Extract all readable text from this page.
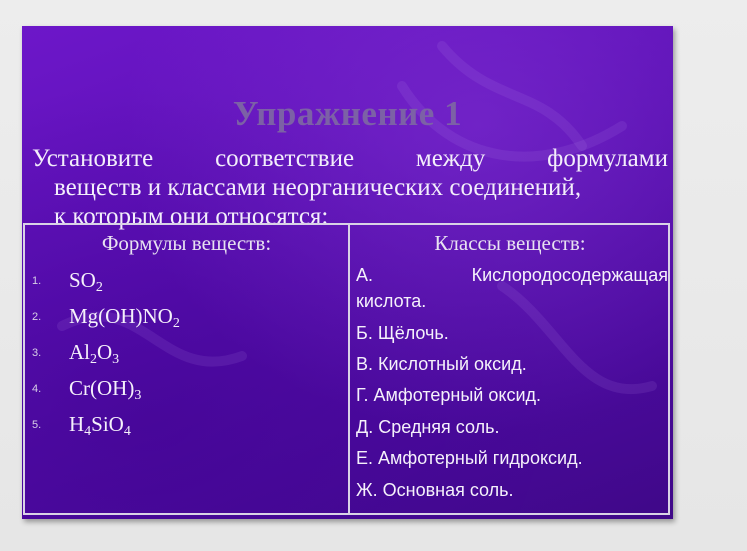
Упражнение 1
Установите соответствие между формулами
веществ и классами неорганических соединений,
к которым они относятся:
Формулы веществ:	Классы веществ:
1. $SO_2$
2. $Mg(OH)NO_2$
3. $Al_2O_3$
4. $Cr(OH)_3$
5. $H_4SiO_4$
А.	Кислородосодержащая
кислота.
Б. Щёлочь.
В. Кислотный оксид.
Г. Амфотерный оксид.
Д. Средняя соль.
Е. Амфотерный гидроксид.
Ж. Основная соль.
